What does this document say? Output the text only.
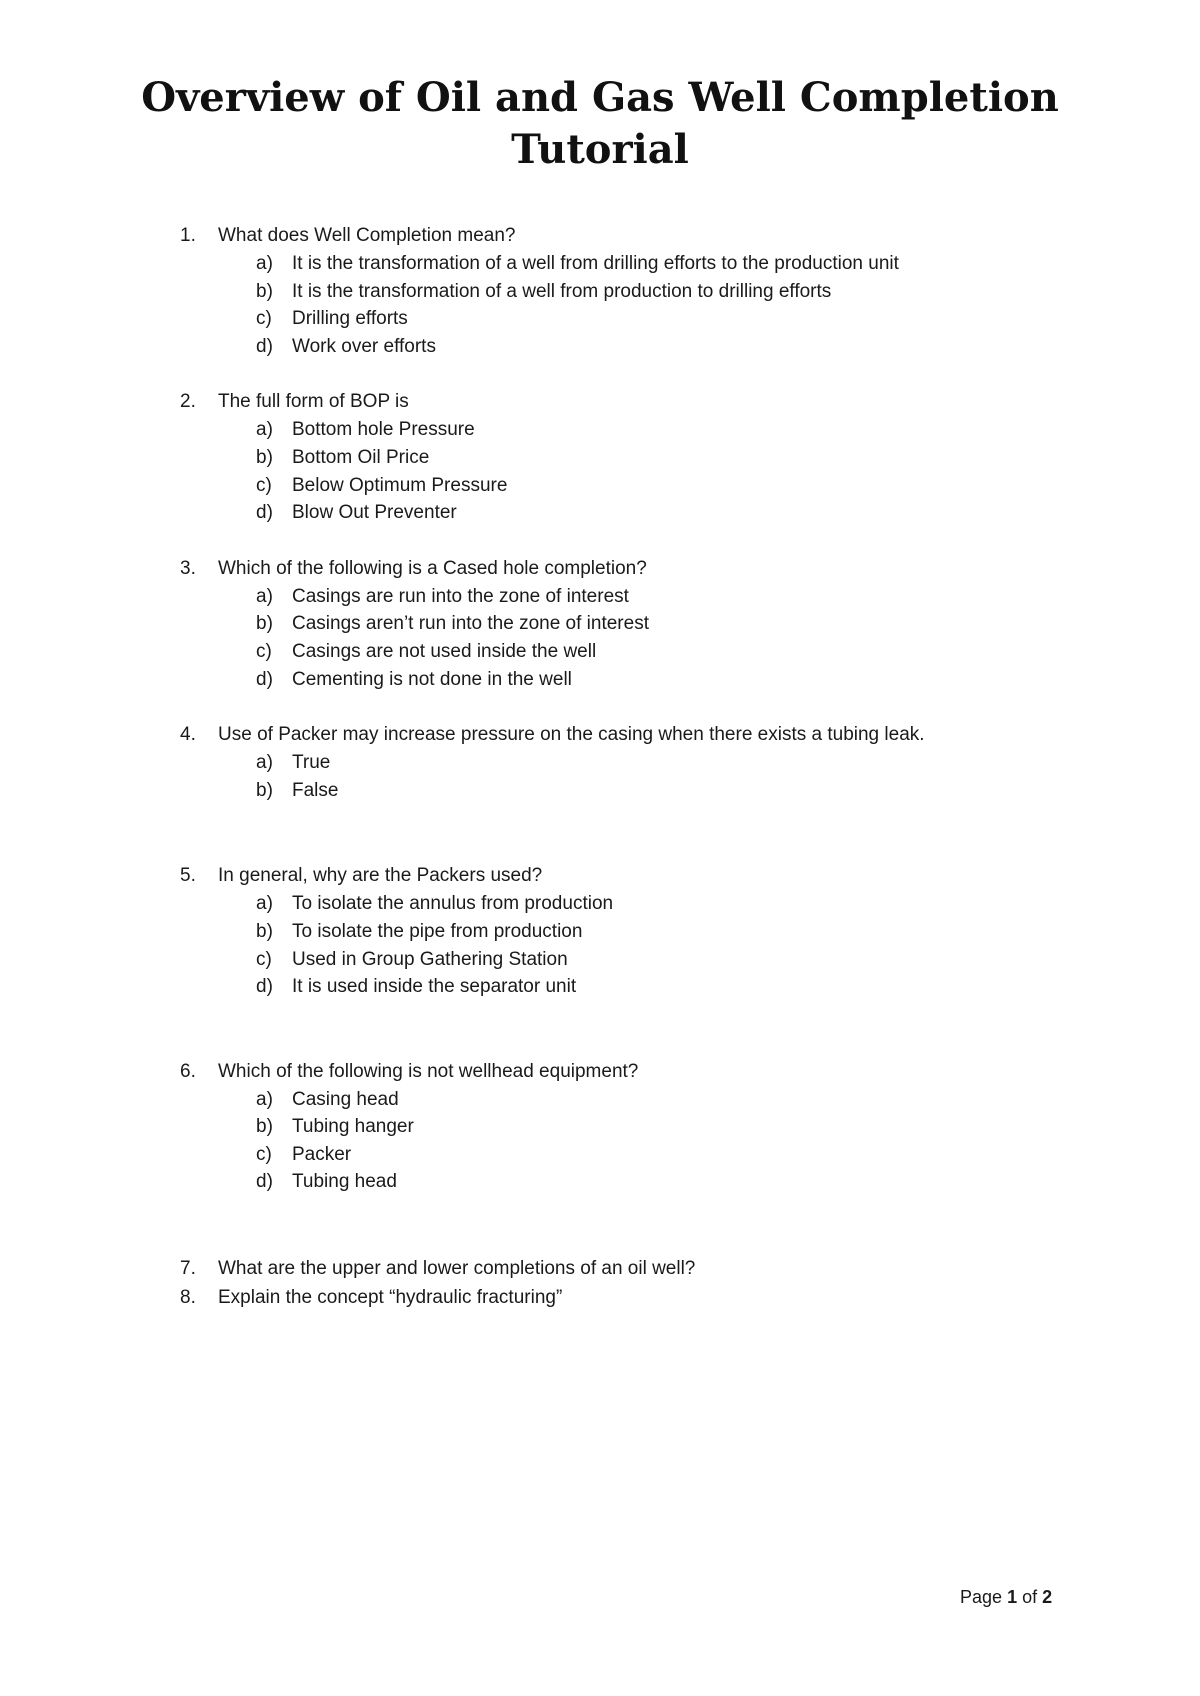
Overview of Oil and Gas Well Completion
Tutorial
1.	What does Well Completion mean?
a) It is the transformation of a well from drilling efforts to the production unit
b) It is the transformation of a well from production to drilling efforts
c) Drilling efforts
d) Work over efforts
2.	The full form of BOP is
a) Bottom hole Pressure
b) Bottom Oil Price
c) Below Optimum Pressure
d) Blow Out Preventer
3.	Which of the following is a Cased hole completion?
a) Casings are run into the zone of interest
b) Casings aren’t run into the zone of interest
c) Casings are not used inside the well
d) Cementing is not done in the well
4.	Use of Packer may increase pressure on the casing when there exists a tubing leak.
a) True
b) False
5.	In general, why are the Packers used?
a) To isolate the annulus from production
b) To isolate the pipe from production
c) Used in Group Gathering Station
d) It is used inside the separator unit
6.	Which of the following is not wellhead equipment?
a) Casing head
b) Tubing hanger
c) Packer
d) Tubing head
7.	What are the upper and lower completions of an oil well?
8.	Explain the concept “hydraulic fracturing”
Page 1 of 2
